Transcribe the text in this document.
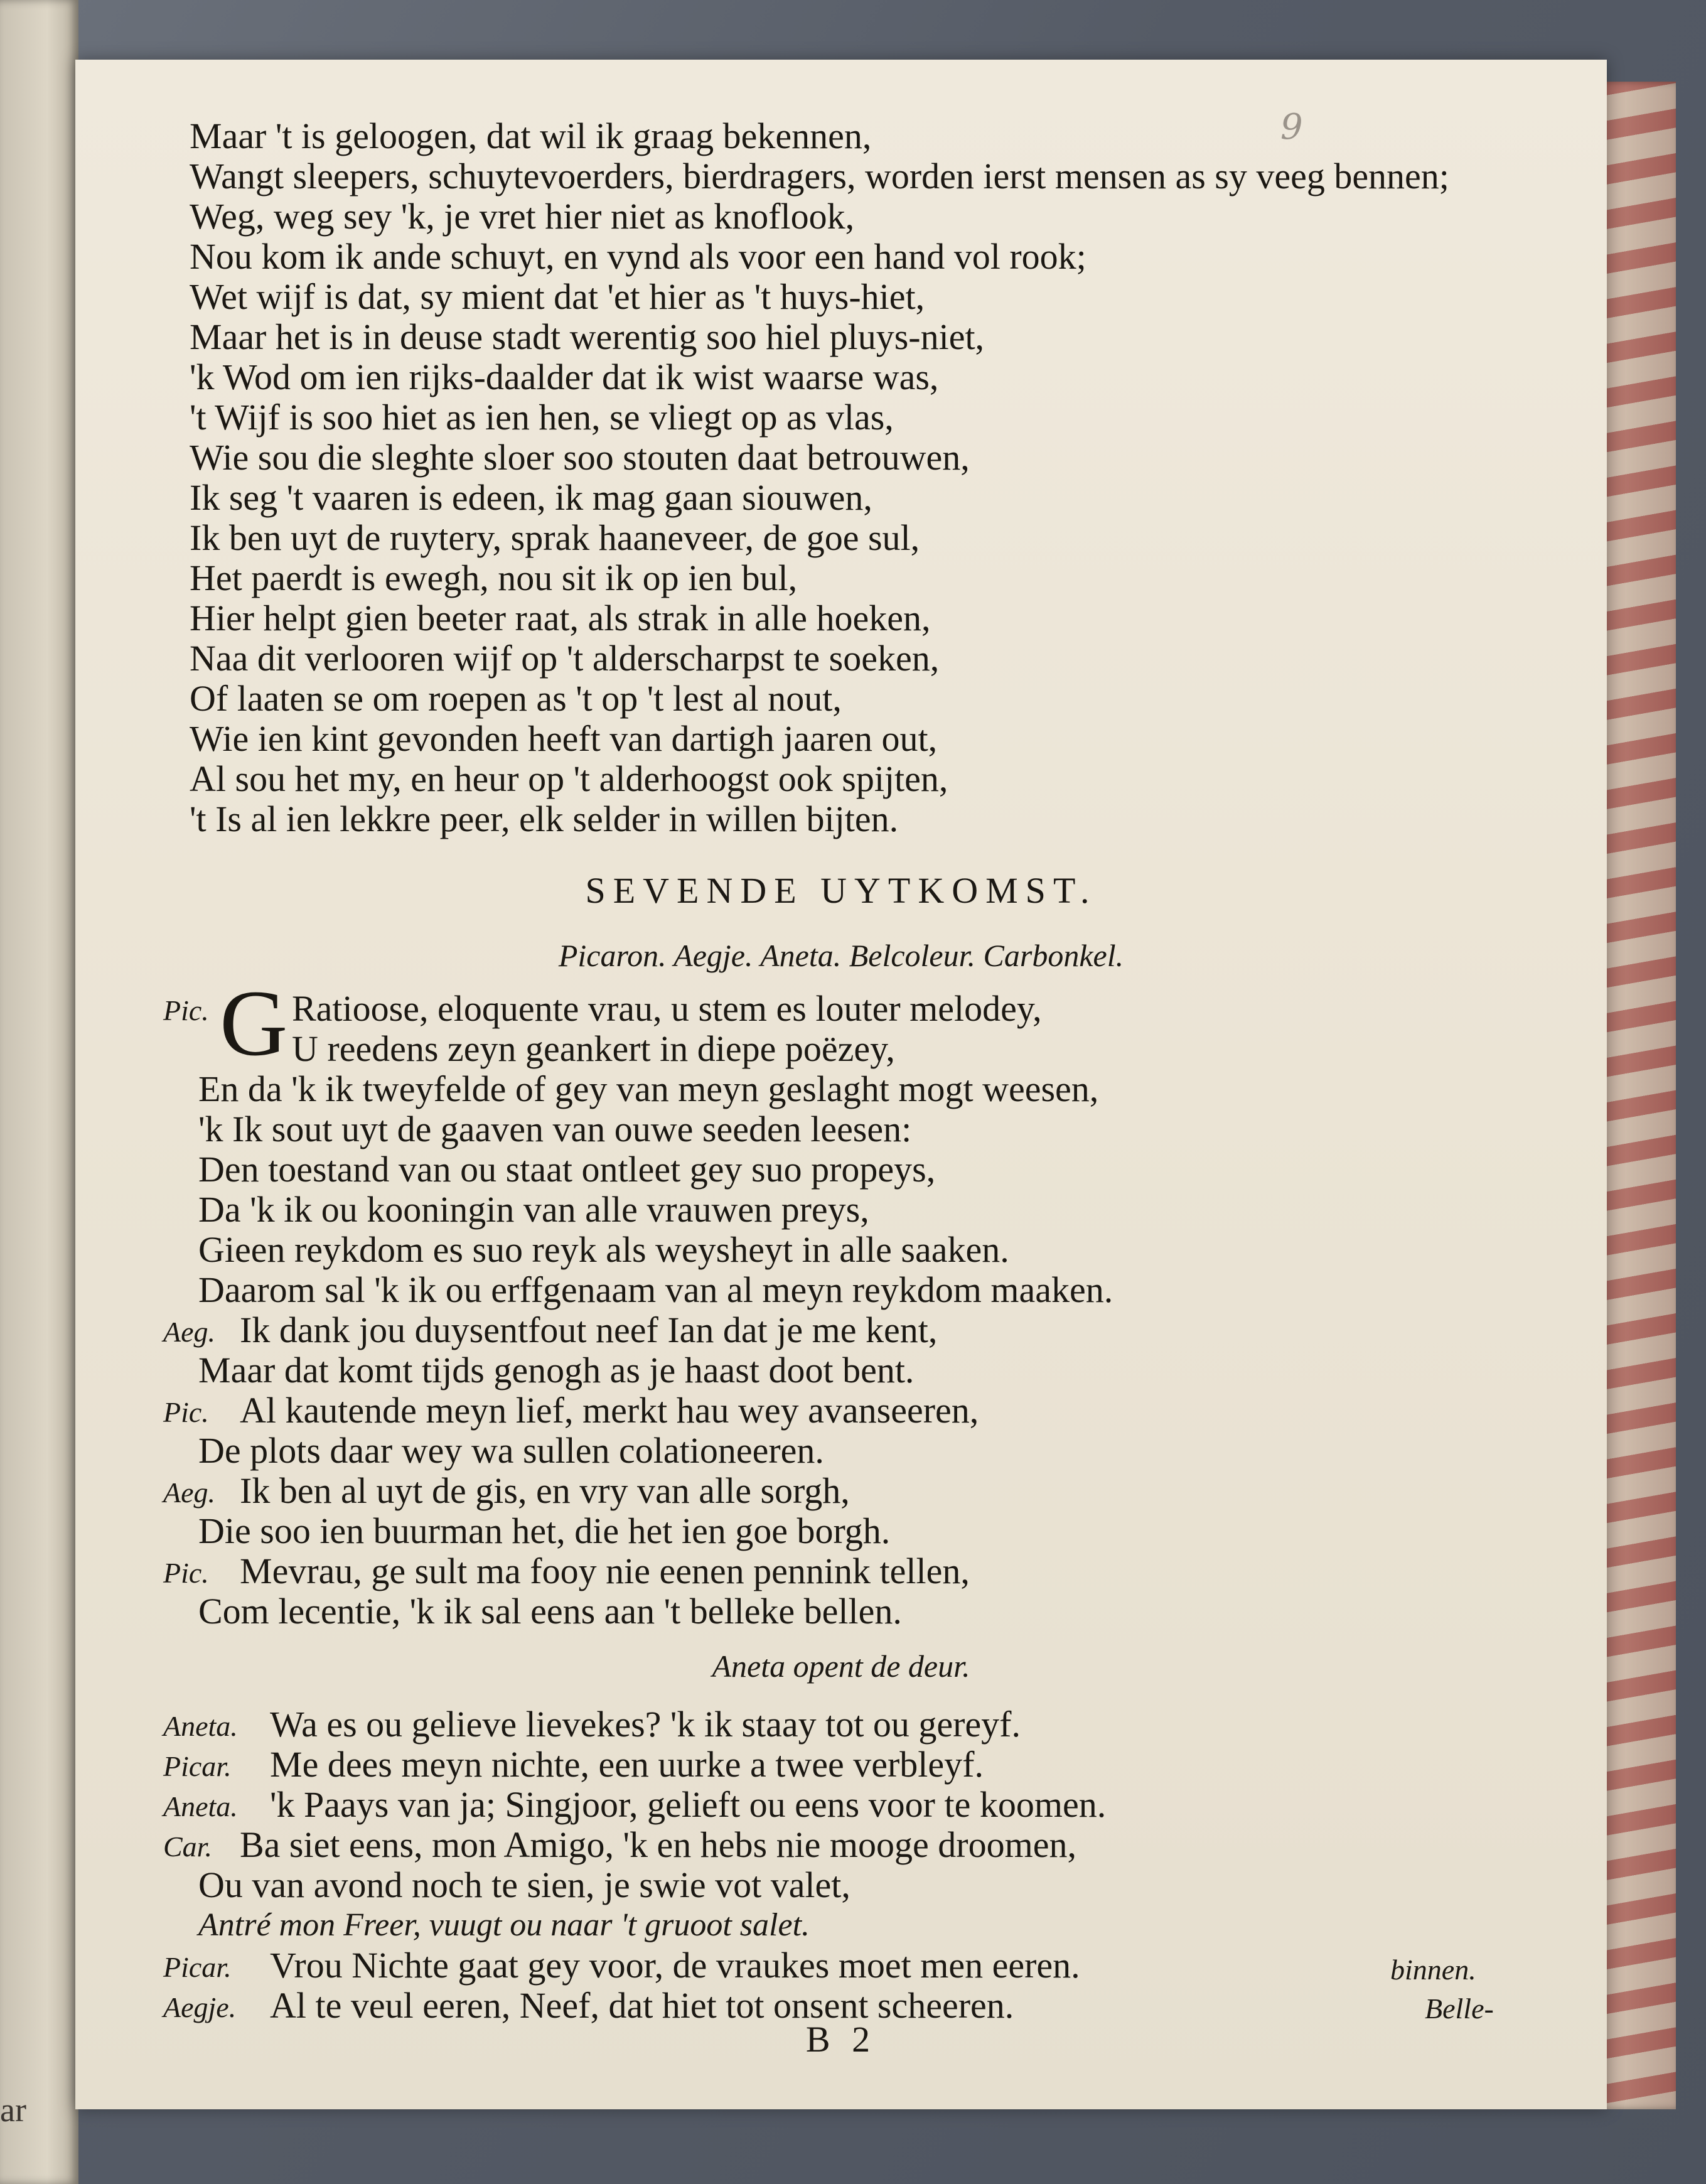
ar
9
Maar 't is geloogen, dat wil ik graag bekennen,
Wangt sleepers, schuytevoerders, bierdragers, worden ierst mensen as sy veeg bennen;
Weg, weg sey 'k, je vret hier niet as knoflook,
Nou kom ik ande schuyt, en vynd als voor een hand vol rook;
Wet wijf is dat, sy mient dat 'et hier as 't huys-hiet,
Maar het is in deuse stadt werentig soo hiel pluys-niet,
'k Wod om ien rijks-daalder dat ik wist waarse was,
't Wijf is soo hiet as ien hen, se vliegt op as vlas,
Wie sou die sleghte sloer soo stouten daat betrouwen,
Ik seg 't vaaren is edeen, ik mag gaan siouwen,
Ik ben uyt de ruytery, sprak haaneveer, de goe sul,
Het paerdt is ewegh, nou sit ik op ien bul,
Hier helpt gien beeter raat, als strak in alle hoeken,
Naa dit verlooren wijf op 't alderscharpst te soeken,
Of laaten se om roepen as 't op 't lest al nout,
Wie ien kint gevonden heeft van dartigh jaaren out,
Al sou het my, en heur op 't alderhoogst ook spijten,
't Is al ien lekkre peer, elk selder in willen bijten.
SEVENDE UYTKOMST.
Picaron. Aegje. Aneta. Belcoleur. Carbonkel.
G
Pic. Ratioose, eloquente vrau, u stem es louter melodey,
U reedens zeyn geankert in diepe poëzey,
En da 'k ik tweyfelde of gey van meyn geslaght mogt weesen,
'k Ik sout uyt de gaaven van ouwe seeden leesen:
Den toestand van ou staat ontleet gey suo propeys,
Da 'k ik ou kooningin van alle vrauwen preys,
Gieen reykdom es suo reyk als weysheyt in alle saaken.
Daarom sal 'k ik ou erffgenaam van al meyn reykdom maaken.
Aeg. Ik dank jou duysentfout neef Ian dat je me kent,
Maar dat komt tijds genogh as je haast doot bent.
Pic. Al kautende meyn lief, merkt hau wey avanseeren,
De plots daar wey wa sullen colationeeren.
Aeg. Ik ben al uyt de gis, en vry van alle sorgh,
Die soo ien buurman het, die het ien goe borgh.
Pic. Mevrau, ge sult ma fooy nie eenen pennink tellen,
Com lecentie, 'k ik sal eens aan 't belleke bellen.
Aneta opent de deur.
Aneta. Wa es ou gelieve lievekes? 'k ik staay tot ou gereyf.
Picar. Me dees meyn nichte, een uurke a twee verbleyf.
Aneta. 'k Paays van ja; Singjoor, gelieft ou eens voor te koomen.
Car. Ba siet eens, mon Amigo, 'k en hebs nie mooge droomen,
Ou van avond noch te sien, je swie vot valet,
Antré mon Freer, vuugt ou naar 't gruoot salet.
Picar. Vrou Nichte gaat gey voor, de vraukes moet men eeren.
Aegje. Al te veul eeren, Neef, dat hiet tot onsent scheeren.
binnen.
Belle-
B 2
